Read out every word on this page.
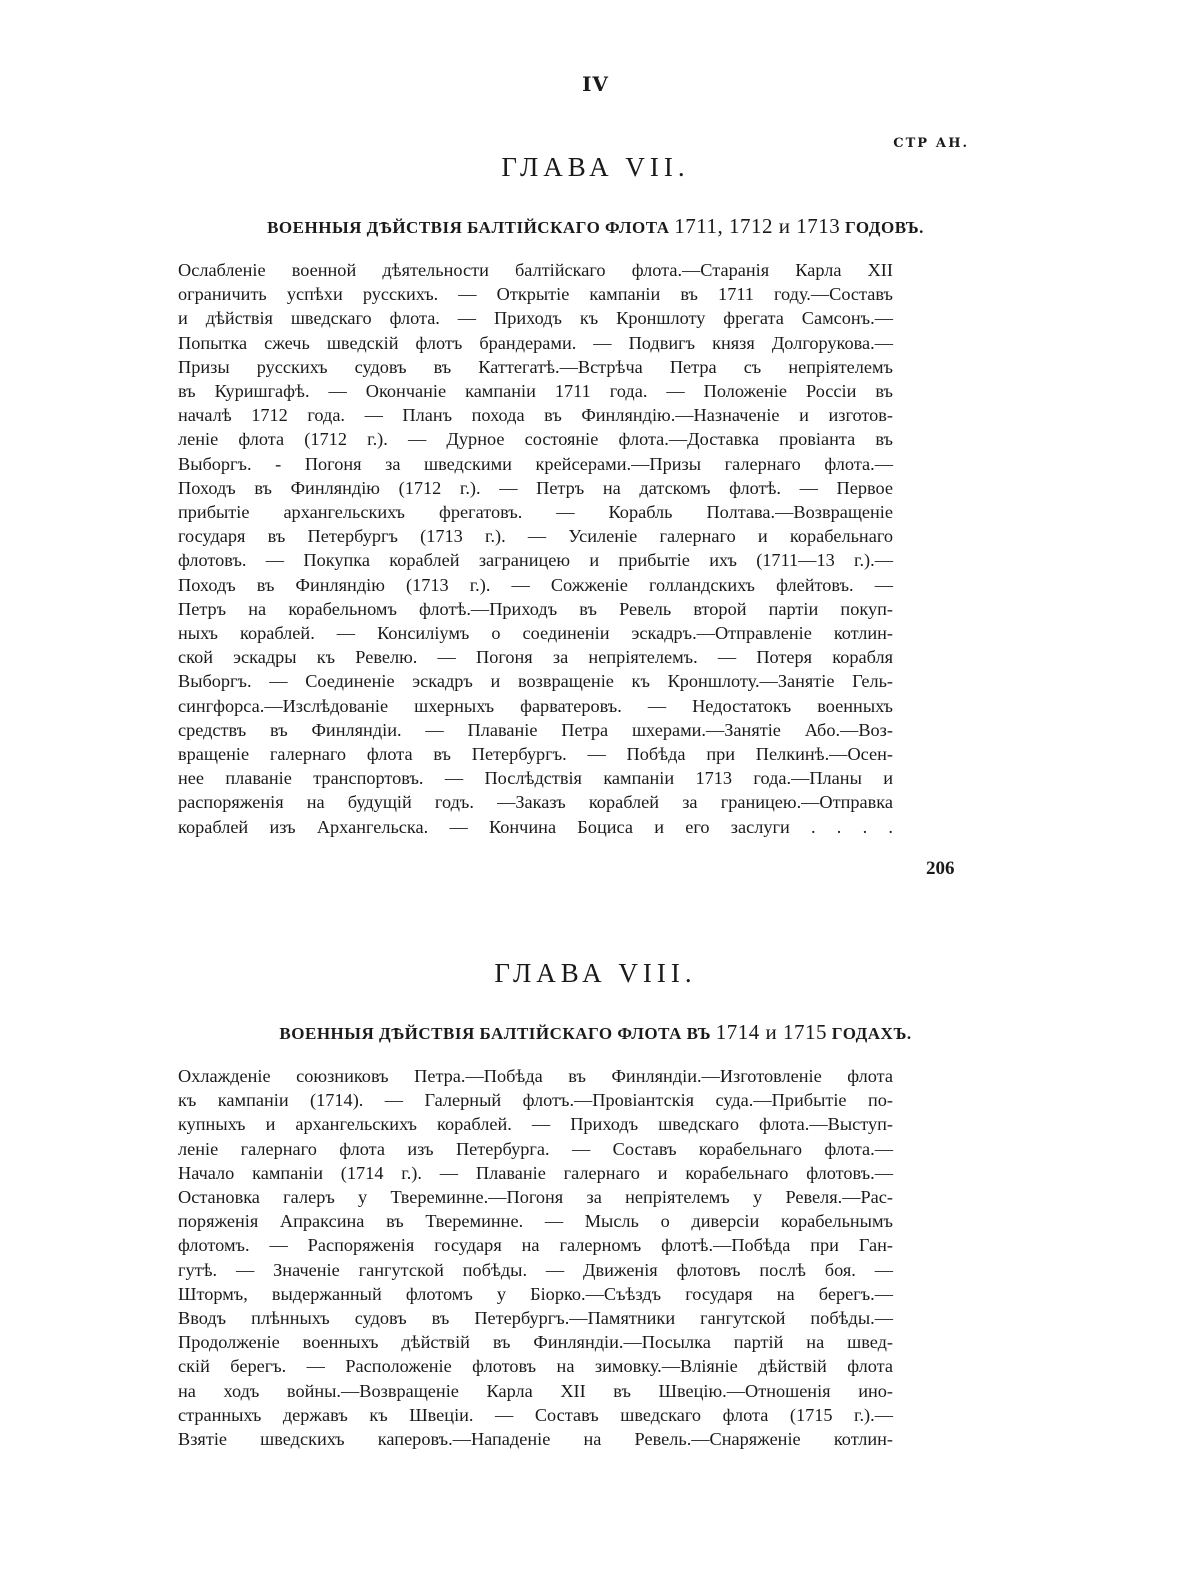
IV
СТР АН.
ГЛАВА VII.
ВОЕННЫЯ ДѢЙСТВІЯ БАЛТІЙСКАГО ФЛОТА 1711, 1712 и 1713 ГОДОВЪ.
Ослабленіе военной дѣятельности балтійскаго флота.—Старанія Карла XII
ограничить успѣхи русскихъ. — Открытіе кампаніи въ 1711 году.—Составъ
и дѣйствія шведскаго флота. — Приходъ къ Кроншлоту фрегата Самсонъ.—
Попытка сжечь шведскій флотъ брандерами. — Подвигъ князя Долгорукова.—
Призы русскихъ судовъ въ Каттегатѣ.—Встрѣча Петра съ непріятелемъ
въ Куришгафѣ. — Окончаніе кампаніи 1711 года. — Положеніе Россіи въ
началѣ 1712 года. — Планъ похода въ Финляндію.—Назначеніе и изготов-
леніе флота (1712 г.). — Дурное состояніе флота.—Доставка провіанта въ
Выборгъ. - Погоня за шведскими крейсерами.—Призы галернаго флота.—
Походъ въ Финляндію (1712 г.). — Петръ на датскомъ флотѣ. — Первое
прибытіе архангельскихъ фрегатовъ. — Корабль Полтава.—Возвращеніе
государя въ Петербургъ (1713 г.). — Усиленіе галернаго и корабельнаго
флотовъ. — Покупка кораблей заграницею и прибытіе ихъ (1711—13 г.).—
Походъ въ Финляндію (1713 г.). — Сожженіе голландскихъ флейтовъ. —
Петръ на корабельномъ флотѣ.—Приходъ въ Ревель второй партіи покуп-
ныхъ кораблей. — Консиліумъ о соединеніи эскадръ.—Отправленіе котлин-
ской эскадры къ Ревелю. — Погоня за непріятелемъ. — Потеря корабля
Выборгъ. — Соединеніе эскадръ и возвращеніе къ Кроншлоту.—Занятіе Гель-
сингфорса.—Изслѣдованіе шхерныхъ фарватеровъ. — Недостатокъ военныхъ
средствъ въ Финляндіи. — Плаваніе Петра шхерами.—Занятіе Або.—Воз-
вращеніе галернаго флота въ Петербургъ. — Побѣда при Пелкинѣ.—Осен-
нее плаваніе транспортовъ. — Послѣдствія кампаніи 1713 года.—Планы и
распоряженія на будущій годъ. —Заказъ кораблей за границею.—Отправка
кораблей изъ Архангельска. — Кончина Боциса и его заслуги . . . .
206
ГЛАВА VIII.
ВОЕННЫЯ ДѢЙСТВІЯ БАЛТІЙСКАГО ФЛОТА ВЪ 1714 и 1715 ГОДАХЪ.
Охлажденіе союзниковъ Петра.—Побѣда въ Финляндіи.—Изготовленіе флота
къ кампаніи (1714). — Галерный флотъ.—Провіантскія суда.—Прибытіе по-
купныхъ и архангельскихъ кораблей. — Приходъ шведскаго флота.—Выступ-
леніе галернаго флота изъ Петербурга. — Составъ корабельнаго флота.—
Начало кампаніи (1714 г.). — Плаваніе галернаго и корабельнаго флотовъ.—
Остановка галеръ у Твереминне.—Погоня за непріятелемъ у Ревеля.—Рас-
поряженія Апраксина въ Твереминне. — Мысль о диверсіи корабельнымъ
флотомъ. — Распоряженія государя на галерномъ флотѣ.—Побѣда при Ган-
гутѣ. — Значеніе гангутской побѣды. — Движенія флотовъ послѣ боя. —
Штормъ, выдержанный флотомъ у Біорко.—Съѣздъ государя на берегъ.—
Вводъ плѣнныхъ судовъ въ Петербургъ.—Памятники гангутской побѣды.—
Продолженіе военныхъ дѣйствій въ Финляндіи.—Посылка партій на швед-
скій берегъ. — Расположеніе флотовъ на зимовку.—Вліяніе дѣйствій флота
на ходъ войны.—Возвращеніе Карла XII въ Швецію.—Отношенія ино-
странныхъ державъ къ Швеціи. — Составъ шведскаго флота (1715 г.).—
Взятіе шведскихъ каперовъ.—Нападеніе на Ревель.—Снаряженіе котлин-
